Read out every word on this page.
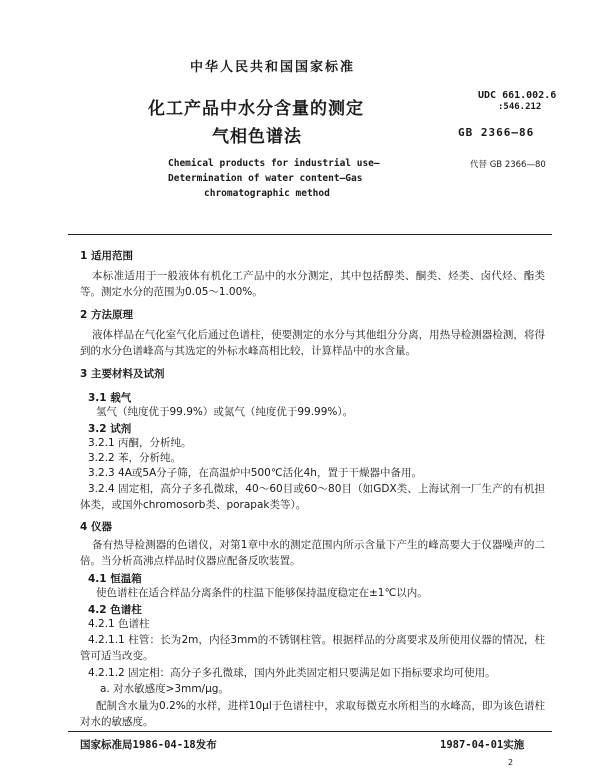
中华人民共和国国家标准
化工产品中水分含量的测定
气相色谱法
UDC 661.002.6
:546.212
GB 2366—86
代替 GB 2366—80
Chemical products for industrial use—
Determination of water content—Gas
chromatographic method
1 适用范围
本标准适用于一般液体有机化工产品中的水分测定，其中包括醇类、酮类、烃类、卤代烃、酯类等。测定水分的范围为0.05～1.00%。
2 方法原理
液体样品在气化室气化后通过色谱柱，使要测定的水分与其他组分分离，用热导检测器检测，将得到的水分色谱峰高与其选定的外标水峰高相比较，计算样品中的水含量。
3 主要材料及试剂
3.1 载气
氢气（纯度优于99.9%）或氮气（纯度优于99.99%）。
3.2 试剂
3.2.1 丙酮，分析纯。
3.2.2 苯，分析纯。
3.2.3 4A或5A分子筛，在高温炉中500℃活化4h，置于干燥器中备用。
3.2.4 固定相，高分子多孔微球，40～60目或60～80目（如GDX类、上海试剂一厂生产的有机担体类，或国外chromosorb类、porapak类等）。
4 仪器
备有热导检测器的色谱仪，对第1章中水的测定范围内所示含量下产生的峰高要大于仪器噪声的二倍。当分析高沸点样品时仪器应配备反吹装置。
4.1 恒温箱
使色谱柱在适合样品分离条件的柱温下能够保持温度稳定在±1℃以内。
4.2 色谱柱
4.2.1 色谱柱
4.2.1.1 柱管：长为2m，内径3mm的不锈钢柱管。根据样品的分离要求及所使用仪器的情况，柱管可适当改变。
4.2.1.2 固定相：高分子多孔微球，国内外此类固定相只要满足如下指标要求均可使用。
a. 对水敏感度>3mm/μg。
配制含水量为0.2%的水样，进样10μl于色谱柱中，求取每微克水所相当的水峰高，即为该色谱柱对水的敏感度。
国家标准局1986-04-18发布	1987-04-01实施
2
